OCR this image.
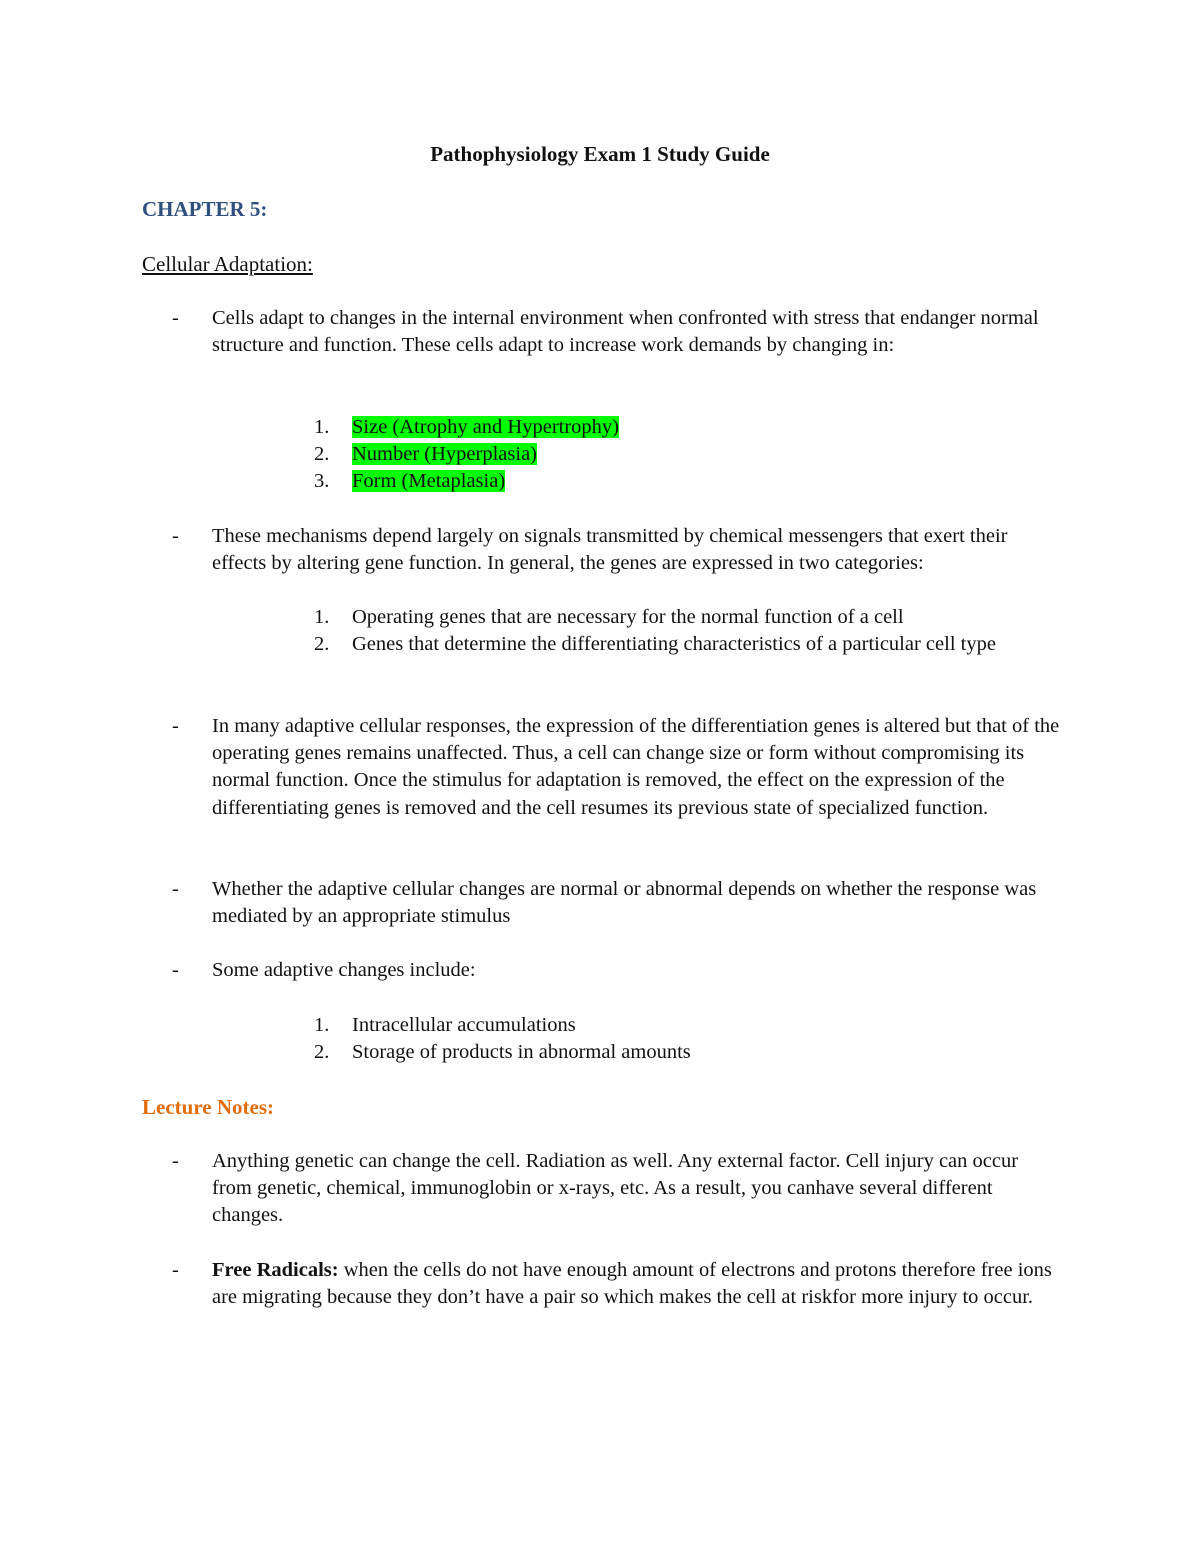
Pathophysiology Exam 1 Study Guide
CHAPTER 5:
Cellular Adaptation:
- Cells adapt to changes in the internal environment when confronted with stress that endanger normal structure and function. These cells adapt to increase work demands by changing in:
1. Size (Atrophy and Hypertrophy)
2. Number (Hyperplasia)
3. Form (Metaplasia)
- These mechanisms depend largely on signals transmitted by chemical messengers that exert their effects by altering gene function. In general, the genes are expressed in two categories:
1. Operating genes that are necessary for the normal function of a cell
2. Genes that determine the differentiating characteristics of a particular cell type
- In many adaptive cellular responses, the expression of the differentiation genes is altered but that of the operating genes remains unaffected. Thus, a cell can change size or form without compromising its normal function. Once the stimulus for adaptation is removed, the effect on the expression of the differentiating genes is removed and the cell resumes its previous state of specialized function.
- Whether the adaptive cellular changes are normal or abnormal depends on whether the response was mediated by an appropriate stimulus
- Some adaptive changes include:
1. Intracellular accumulations
2. Storage of products in abnormal amounts
Lecture Notes:
- Anything genetic can change the cell. Radiation as well. Any external factor. Cell injury can occur from genetic, chemical, immunoglobin or x-rays, etc. As a result, you canhave several different changes.
- Free Radicals: when the cells do not have enough amount of electrons and protons therefore free ions are migrating because they don’t have a pair so which makes the cell at riskfor more injury to occur.
